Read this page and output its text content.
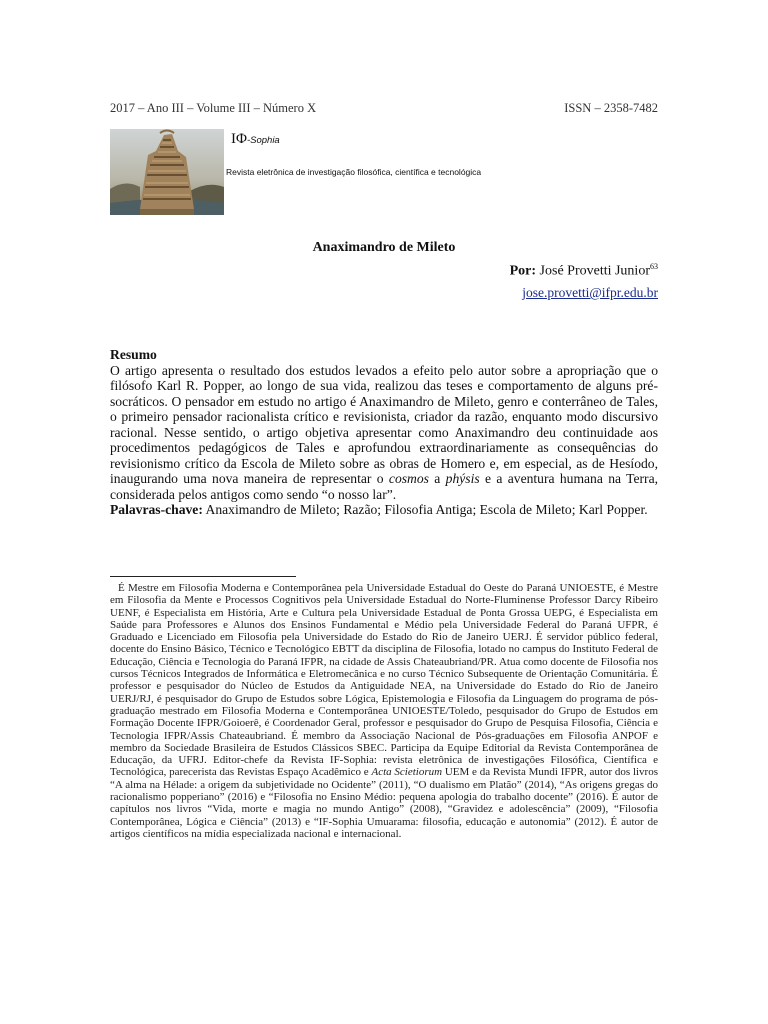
2017 – Ano III – Volume III – Número X	ISSN – 2358-7482
IΦ-Sophia
Revista eletrônica de investigação filosófica, científica e tecnológica
Anaximandro de Mileto
Por: José Provetti Junior$^{63}$
jose.provetti@ifpr.edu.br
Resumo

O artigo apresenta o resultado dos estudos levados a efeito pelo autor sobre a apropriação que o filósofo Karl R. Popper, ao longo de sua vida, realizou das teses e comportamento de alguns pré-socráticos. O pensador em estudo no artigo é Anaximandro de Mileto, genro e conterrâneo de Tales, o primeiro pensador racionalista crítico e revisionista, criador da razão, enquanto modo discursivo racional. Nesse sentido, o artigo objetiva apresentar como Anaximandro deu continuidade aos procedimentos pedagógicos de Tales e aprofundou extraordinariamente as consequências do revisionismo crítico da Escola de Mileto sobre as obras de Homero e, em especial, as de Hesíodo, inaugurando uma nova maneira de representar o cosmos a phýsis e a aventura humana na Terra, considerada pelos antigos como sendo “o nosso lar”.

Palavras-chave: Anaximandro de Mileto; Razão; Filosofia Antiga; Escola de Mileto; Karl Popper.

É Mestre em Filosofia Moderna e Contemporânea pela Universidade Estadual do Oeste do Paraná UNIOESTE, é Mestre em Filosofia da Mente e Processos Cognitivos pela Universidade Estadual do Norte-Fluminense Professor Darcy Ribeiro UENF, é Especialista em História, Arte e Cultura pela Universidade Estadual de Ponta Grossa UEPG, é Especialista em Saúde para Professores e Alunos dos Ensinos Fundamental e Médio pela Universidade Federal do Paraná UFPR, é Graduado e Licenciado em Filosofia pela Universidade do Estado do Rio de Janeiro UERJ. É servidor público federal, docente do Ensino Básico, Técnico e Tecnológico EBTT da disciplina de Filosofia, lotado no campus do Instituto Federal de Educação, Ciência e Tecnologia do Paraná IFPR, na cidade de Assis Chateaubriand/PR. Atua como docente de Filosofia nos cursos Técnicos Integrados de Informática e Eletromecânica e no curso Técnico Subsequente de Orientação Comunitária. É professor e pesquisador do Núcleo de Estudos da Antiguidade NEA, na Universidade do Estado do Rio de Janeiro UERJ/RJ, é pesquisador do Grupo de Estudos sobre Lógica, Epistemologia e Filosofia da Linguagem do programa de pós-graduação mestrado em Filosofia Moderna e Contemporânea UNIOESTE/Toledo, pesquisador do Grupo de Estudos em Formação Docente IFPR/Goioerê, é Coordenador Geral, professor e pesquisador do Grupo de Pesquisa Filosofia, Ciência e Tecnologia IFPR/Assis Chateaubriand. É membro da Associação Nacional de Pós-graduações em Filosofia ANPOF e membro da Sociedade Brasileira de Estudos Clássicos SBEC. Participa da Equipe Editorial da Revista Contemporânea de Educação, da UFRJ. Editor-chefe da Revista IF-Sophia: revista eletrônica de investigações Filosófica, Científica e Tecnológica, parecerista das Revistas Espaço Acadêmico e Acta Scietiorum UEM e da Revista Mundi IFPR, autor dos livros “A alma na Hélade: a origem da subjetividade no Ocidente” (2011), “O dualismo em Platão” (2014), “As origens gregas do racionalismo popperiano” (2016) e “Filosofia no Ensino Médio: pequena apologia do trabalho docente” (2016). É autor de capítulos nos livros “Vida, morte e magia no mundo Antigo” (2008), “Gravidez e adolescência” (2009), “Filosofia Contemporânea, Lógica e Ciência” (2013) e “IF-Sophia Umuarama: filosofia, educação e autonomia” (2012). É autor de artigos científicos na mídia especializada nacional e internacional.
